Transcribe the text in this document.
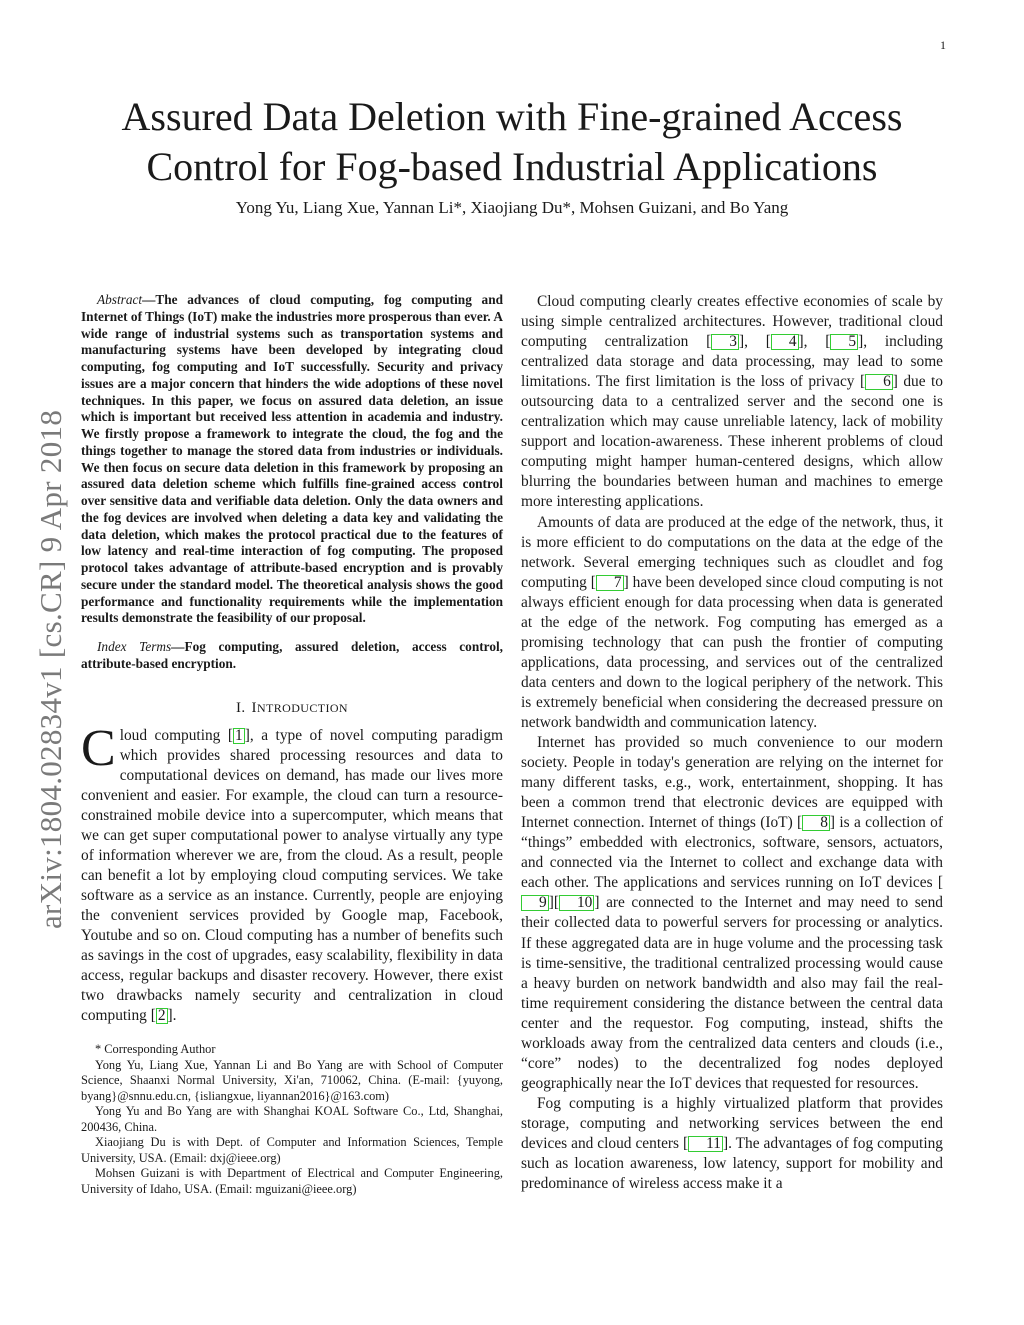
1
arXiv:1804.02834v1 [cs.CR] 9 Apr 2018
Assured Data Deletion with Fine-grained Access
Control for Fog-based Industrial Applications
Yong Yu, Liang Xue, Yannan Li*, Xiaojiang Du*, Mohsen Guizani, and Bo Yang

Abstract—The advances of cloud computing, fog computing and Internet of Things (IoT) make the industries more prosperous than ever. A wide range of industrial systems such as transportation systems and manufacturing systems have been developed by integrating cloud computing, fog computing and IoT successfully. Security and privacy issues are a major concern that hinders the wide adoptions of these novel techniques. In this paper, we focus on assured data deletion, an issue which is important but received less attention in academia and industry. We firstly propose a framework to integrate the cloud, the fog and the things together to manage the stored data from industries or individuals. We then focus on secure data deletion in this framework by proposing an assured data deletion scheme which fulfills fine-grained access control over sensitive data and verifiable data deletion. Only the data owners and the fog devices are involved when deleting a data key and validating the data deletion, which makes the protocol practical due to the features of low latency and real-time interaction of fog computing. The proposed protocol takes advantage of attribute-based encryption and is provably secure under the standard model. The theoretical analysis shows the good performance and functionality requirements while the implementation results demonstrate the feasibility of our proposal.

Index Terms—Fog computing, assured deletion, access control, attribute-based encryption.

I. INTRODUCTION

Cloud computing [ 1 ], a type of novel computing paradigm which provides shared processing resources and data to computational devices on demand, has made our lives more convenient and easier. For example, the cloud can turn a resource-constrained mobile device into a supercomputer, which means that we can get super computational power to analyse virtually any type of information wherever we are, from the cloud. As a result, people can benefit a lot by employing cloud computing services. We take software as a service as an instance. Currently, people are enjoying the convenient services provided by Google map, Facebook, Youtube and so on. Cloud computing has a number of benefits such as savings in the cost of upgrades, easy scalability, flexibility in data access, regular backups and disaster recovery. However, there exist two drawbacks namely security and centralization in cloud computing [ 2 ].

* Corresponding Author

Yong Yu, Liang Xue, Yannan Li and Bo Yang are with School of Computer Science, Shaanxi Normal University, Xi'an, 710062, China. (E-mail: {yuyong, byang}@snnu.edu.cn, {isliangxue, liyannan2016}@163.com)

Yong Yu and Bo Yang are with Shanghai KOAL Software Co., Ltd, Shanghai, 200436, China.

Xiaojiang Du is with Dept. of Computer and Information Sciences, Temple University, USA. (Email: dxj@ieee.org)

Mohsen Guizani is with Department of Electrical and Computer Engineering, University of Idaho, USA. (Email: mguizani@ieee.org)

Cloud computing clearly creates effective economies of scale by using simple centralized architectures. However, traditional cloud computing centralization [ 3 ], [ 4 ], [ 5 ], including centralized data storage and data processing, may lead to some limitations. The first limitation is the loss of privacy [ 6 ] due to outsourcing data to a centralized server and the second one is centralization which may cause unreliable latency, lack of mobility support and location-awareness. These inherent problems of cloud computing might hamper human-centered designs, which allow blurring the boundaries between human and machines to emerge more interesting applications.

Amounts of data are produced at the edge of the network, thus, it is more efficient to do computations on the data at the edge of the network. Several emerging techniques such as cloudlet and fog computing [ 7 ] have been developed since cloud computing is not always efficient enough for data processing when data is generated at the edge of the network. Fog computing has emerged as a promising technology that can push the frontier of computing applications, data processing, and services out of the centralized data centers and down to the logical periphery of the network. This is extremely beneficial when considering the decreased pressure on network bandwidth and communication latency.

Internet has provided so much convenience to our modern society. People in today's generation are relying on the internet for many different tasks, e.g., work, entertainment, shopping. It has been a common trend that electronic devices are equipped with Internet connection. Internet of things (IoT) [ 8 ] is a collection of “things” embedded with electronics, software, sensors, actuators, and connected via the Internet to collect and exchange data with each other. The applications and services running on IoT devices [9 ][ 10 ] are connected to the Internet and may need to send their collected data to powerful servers for processing or analytics. If these aggregated data are in huge volume and the processing task is time-sensitive, the traditional centralized processing would cause a heavy burden on network bandwidth and also may fail the real-time requirement considering the distance between the central data center and the requestor. Fog computing, instead, shifts the workloads away from the centralized data centers and clouds (i.e., “core” nodes) to the decentralized fog nodes deployed geographically near the IoT devices that requested for resources.

Fog computing is a highly virtualized platform that provides storage, computing and networking services between the end devices and cloud centers [ 11 ]. The advantages of fog computing such as location awareness, low latency, support for mobility and predominance of wireless access make it a
